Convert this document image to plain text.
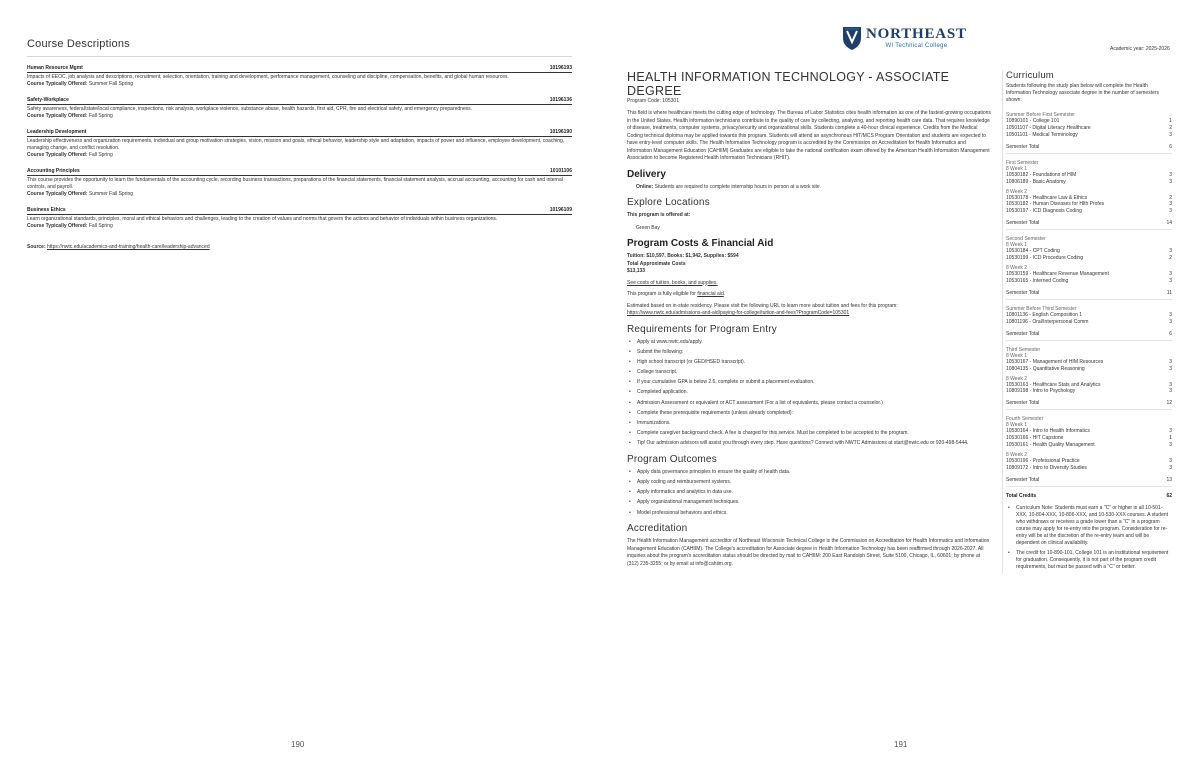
Course Descriptions
Human Resource Mgmt	10196193
Impacts of EEOC, job analysis and descriptions, recruitment, selection, orientation, training and development, performance management, counseling and discipline, compensation, benefits, and global human resources.
Course Typically Offered: Summer Fall Spring
Safety-Workplace	10196136
Safety awareness, federal/state/local compliance, inspections, risk analysis, workplace violence, substance abuse, health hazards, first aid, CPR, fire and electrical safety, and emergency preparedness.
Course Typically Offered: Fall Spring
Leadership Development	10196190
Leadership effectiveness and organization requirements, individual and group motivation strategies, vision, mission and goals, ethical behavior, leadership style and adaptation, impacts of power and influence, employee development, coaching, managing change, and conflict resolution.
Course Typically Offered: Fall Spring
Accounting Principles	10101106
This course provides the opportunity to learn the fundamentals of the accounting cycle, recording business transactions, preparations of the financial statements, financial statement analysis, accrual accounting, accounting for cash and internal controls, and payroll.
Course Typically Offered: Summer Fall Spring
Business Ethics	10196109
Learn organizational standards, principles, moral and ethical behaviors and challenges, leading to the creation of values and norms that govern the actions and behavior of individuals within business organizations.
Course Typically Offered: Fall Spring
Source: https://nwtc.edu/academics-and-training/health-care/leadership-advanced
190
NORTHEAST
WI Technical College
Academic year: 2025-2026
HEALTH INFORMATION TECHNOLOGY - ASSOCIATE DEGREE
Program Code: 105301
This field is where healthcare meets the cutting edge of technology. The Bureau of Labor Statistics cites health information as one of the fastest-growing occupations in the United States. Health information technicians contribute to the quality of care by collecting, analyzing, and reporting health care data. That requires knowledge of disease, treatments, computer systems, privacy/security and organizational skills. Students complete a 40-hour clinical experience. Credits from the Medical Coding technical diploma may be applied towards this program. Students will attend an asynchronous HIT/MCS Program Orientation and students are expected to have entry-level computer skills. The Health Information Technology program is accredited by the Commission on Accreditation for Health Informatics and Information Management Education (CAHIIM) Graduates are eligible to take the national certification exam offered by the American Health Information Management Association to become Registered Health Information Technicians (RHIT).
Delivery
Online: Students are required to complete internship hours in person at a work site.
Explore Locations
This program is offered at:
Green Bay
Program Costs & Financial Aid
Tuition: $10,597, Books: $1,942, Supplies: $594
Total Approximate Costs
$13,133
See costs of tuition, books, and supplies.
This program is fully eligible for financial aid.
Estimated based on in-state residency. Please visit the following URL to learn more about tuition and fees for this program:
https://www.nwtc.edu/admissions-and-aid/paying-for-college/tuition-and-fees?ProgramCode=105301
Requirements for Program Entry
• Apply at www.nwtc.edu/apply.
• Submit the following:
• High school transcript (or GED/HSED transcript).
• College transcript.
• If your cumulative GPA is below 2.6, complete or submit a placement evaluation.
• Completed application.
• Admission Assessment or equivalent or ACT assessment (For a list of equivalents, please contact a counselor.)
• Complete these prerequisite requirements (unless already completed):
• Immunizations.
• Complete caregiver background check. A fee is charged for this service. Must be completed to be accepted to the program.
• Tip! Our admission advisors will assist you through every step. Have questions? Connect with NWTC Admissions at start@nwtc.edu or 920-498-5444.
Program Outcomes
• Apply data governance principles to ensure the quality of health data.
• Apply coding and reimbursement systems.
• Apply informatics and analytics in data use.
• Apply organizational management techniques.
• Model professional behaviors and ethics.
Accreditation
The Health Information Management accreditor of Northeast Wisconsin Technical College is the Commission on Accreditation for Health Informatics and Information Management Education (CAHIIM). The College's accreditation for Associate degree in Health Information Technology has been reaffirmed through 2026-2027. All inquiries about the program's accreditation status should be directed by mail to CAHIIM: 200 East Randolph Street, Suite 5100, Chicago, IL, 60601; by phone at (312) 235-3255; or by email at info@cahiim.org.
Curriculum
Students following the study plan below will complete the Health Information Technology associate degree in the number of semesters shown.
Summer Before First Semester
10890101 - College 101	1
10501107 - Digital Literacy Healthcare	2
10501101 - Medical Terminology	3
Semester Total	6
First Semester
8 Week 1
10530182 - Foundations of HIM	3
10806189 - Basic Anatomy	3
8 Week 2
10530178 - Healthcare Law & Ethics	2
10530182 - Human Diseases for Hlth Profes	3
10530197 - ICD Diagnosis Coding	3
Semester Total	14
Second Semester
8 Week 1
10530184 - CPT Coding	3
10530199 - ICD Procedure Coding	2
8 Week 2
10530159 - Healthcare Revenue Management	3
10530165 - Interned Coding	3
Semester Total	11
Summer Before Third Semester
10801136 - English Composition 1	3
10801196 - Oral/Interpersonal Comm	3
Semester Total	6
Third Semester
8 Week 1
10530167 - Management of HIM Resources	3
10804135 - Quantitative Reasoning	3
8 Week 2
10530163 - Healthcare Stats and Analytics	3
10809198 - Intro to Psychology	3
Semester Total	12
Fourth Semester
8 Week 1
10530164 - Intro to Health Informatics	3
10530166 - HIT Capstone	1
10530161 - Health Quality Management	3
8 Week 2
10530196 - Professional Practice	3
10809172 - Intro to Diversity Studies	3
Semester Total	13
Total Credits	62
• Curriculum Note: Students must earn a "C" or higher in all 10-501-XXX, 10-804-XXX, 10-806-XXX, and 10-530-XXX courses. A student who withdraws or receives a grade lower than a "C" in a program course may apply for re-entry into the program. Consideration for re-entry will be at the discretion of the re-entry team and will be dependent on clinical availability.
• The credit for 10-890-101, College 101 is an institutional requirement for graduation. Consequently, it is not part of the program credit requirements, but must be passed with a "C" or better.
191
